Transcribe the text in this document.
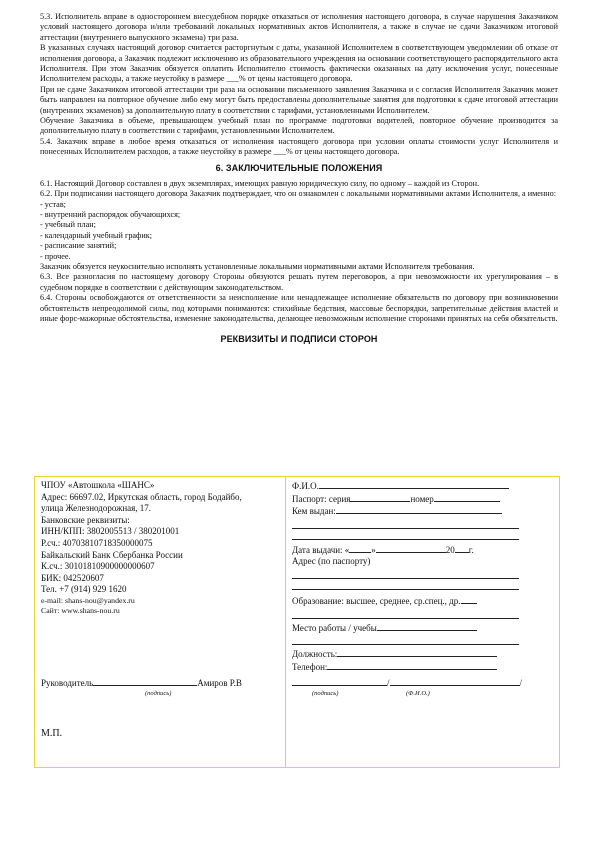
5.3. Исполнитель вправе в одностороннем внесудебном порядке отказаться от исполнения настоящего договора, в случае нарушения Заказчиком условий настоящего договора и/или требований локальных нормативных актов Исполнителя, а также в случае не сдачи Заказчиком итоговой аттестации (внутреннего выпускного экзамена) три раза.

В указанных случаях настоящий договор считается расторгнутым с даты, указанной Исполнителем в соответствующем уведомлении об отказе от исполнения договора, а Заказчик подлежит исключению из образовательного учреждения на основании соответствующего распорядительного акта Исполнителя. При этом Заказчик обязуется оплатить Исполнителю стоимость фактически оказанных на дату исключения услуг, понесенные Исполнителем расходы, а также неустойку в размере ___% от цены настоящего договора.

При не сдаче Заказчиком итоговой аттестации три раза на основании письменного заявления Заказчика и с согласия Исполнителя Заказчик может быть направлен на повторное обучение либо ему могут быть предоставлены дополнительные занятия для подготовки к сдаче итоговой аттестации (внутренних экзаменов) за дополнительную плату в соответствии с тарифами, установленными Исполнителем.

Обучение Заказчика в объеме, превышающем учебный план по программе подготовки водителей, повторное обучение производится за дополнительную плату в соответствии с тарифами, установленными Исполнителем.

5.4. Заказчик вправе в любое время отказаться от исполнения настоящего договора при условии оплаты стоимости услуг Исполнителя и понесенных Исполнителем расходов, а также неустойку в размере ___% от цены настоящего договора.

6. ЗАКЛЮЧИТЕЛЬНЫЕ ПОЛОЖЕНИЯ

6.1. Настоящий Договор составлен в двух экземплярах, имеющих равную юридическую силу, по одному – каждой из Сторон.

6.2. При подписании настоящего договора Заказчик подтверждает, что он ознакомлен с локальными нормативными актами Исполнителя, а именно:

- устав;
- внутренний распорядок обучающихся;
- учебный план;
- календарный учебный график;
- расписание занятий;
- прочее.

Заказчик обязуется неукоснительно исполнять установленные локальными нормативными актами Исполнителя требования.

6.3. Все разногласия по настоящему договору Стороны обязуются решать путем переговоров, а при невозможности их урегулирования – в судебном порядке в соответствии с действующим законодательством.

6.4. Стороны освобождаются от ответственности за неисполнение или ненадлежащее исполнение обязательств по договору при возникновении обстоятельств непреодолимой силы, под которыми понимаются: стихийные бедствия, массовые беспорядки, запретительные действия властей и иные форс-мажорные обстоятельства, изменение законодательства, делающее невозможным исполнение сторонами принятых на себя обязательств.

РЕКВИЗИТЫ И ПОДПИСИ СТОРОН
ЧПОУ «Автошкола «ШАНС»
Адрес: 66697.02, Иркутская область, город Бодайбо,
улица Железнодорожная, 17.
Банковские реквизиты:
ИНН/КПП: 3802005513 / 380201001
Р.сч.: 40703810718350000075
Байкальский Банк Сбербанка России
К.сч.: 30101810900000000607
БИК: 042520607
Тел. +7 (914) 929 1620
e-mail: shans-nou@yandex.ru
Сайт: www.shans-nou.ru
Руководитель	Амиров Р.В
(подпись)
М.П.
Ф.И.О.
Паспорт: серия	номер
Кем выдан:
Дата выдачи: « »	20 г.
Адрес (по паспорту)
Образование: высшее, среднее, ср.спец., др.
Место работы / учебы
Должность:
Телефон:
/	/
(подпись)	(Ф.И.О.)
